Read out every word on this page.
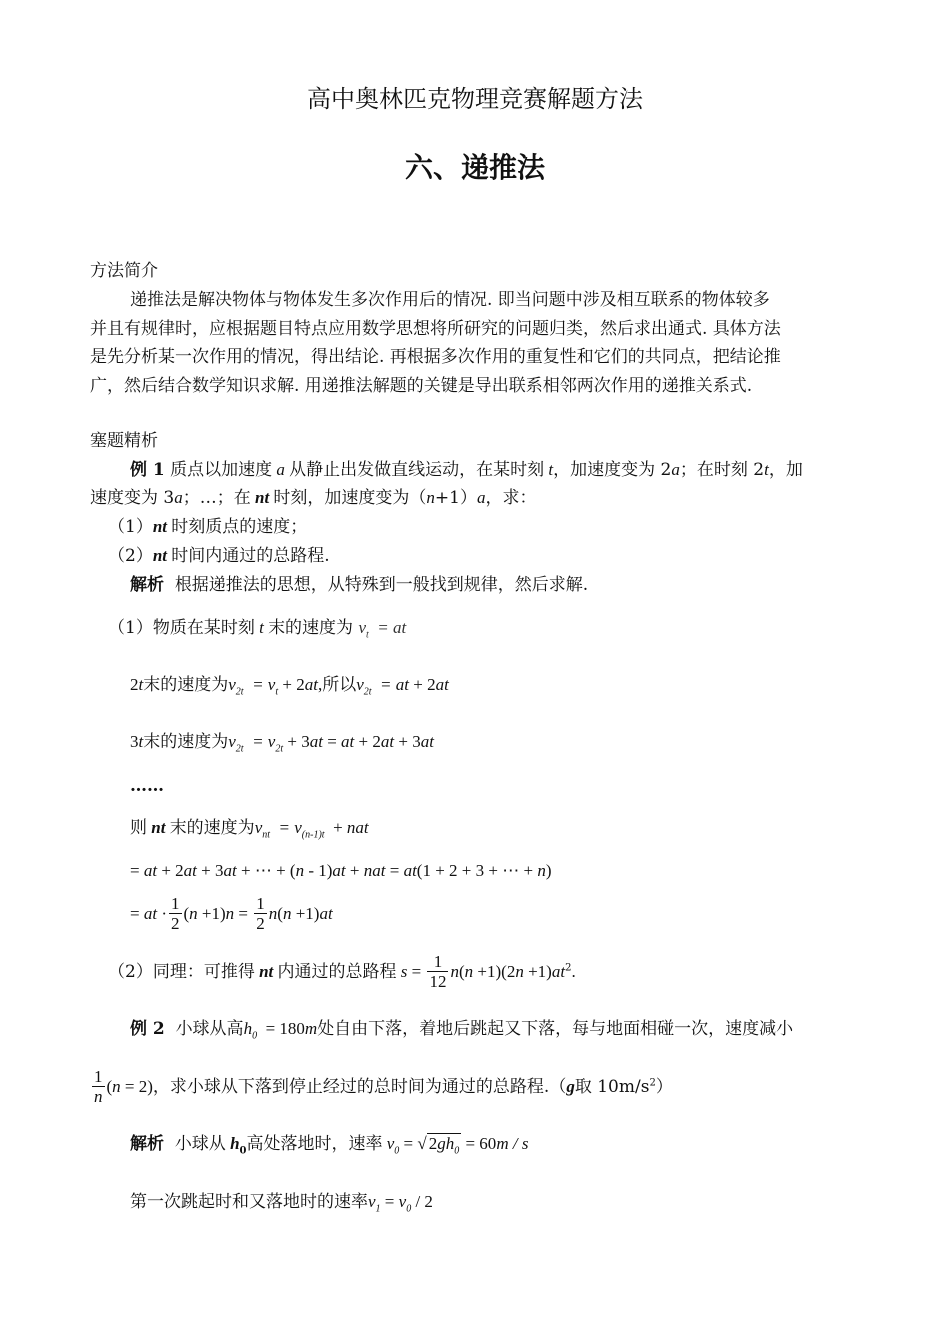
高中奥林匹克物理竞赛解题方法
六、递推法
方法简介
递推法是解决物体与物体发生多次作用后的情况. 即当问题中涉及相互联系的物体较多
并且有规律时，应根据题目特点应用数学思想将所研究的问题归类，然后求出通式. 具体方法
是先分析某一次作用的情况，得出结论. 再根据多次作用的重复性和它们的共同点，把结论推
广，然后结合数学知识求解. 用递推法解题的关键是导出联系相邻两次作用的递推关系式.
塞题精析
例 1 质点以加速度 a 从静止出发做直线运动，在某时刻 t，加速度变为 2a；在时刻 2t，加
速度变为 3a；…；在 nt 时刻，加速度变为（n+1）a，求：
（1）nt 时刻质点的速度；
（2）nt 时间内通过的总路程.
解析 根据递推法的思想，从特殊到一般找到规律，然后求解.
（1）物质在某时刻 t 末的速度为 $v_t$  = at
2t末的速度为$v_{2t} = v_t + 2at$,所以$v_{2t}$  = at + 2at
3t末的速度为$v_{2t} = v_{2t} + 3at$ = at + 2at + 3at
……
则 nt 末的速度为$v_{nt} = v_{(n-1)t}$ + nat
= at + 2at + 3at + ⋯ + (n - 1)at + nat = at(1 + 2 + 3 + ⋯ + n)
= at · $\frac{1}{2} (n +1)n = \frac{1}{2} n(n +1)at$
（2）同理：可推得 nt 内通过的总路程 $s = \frac{1}{12} n(n +1)(2n +1)at^2$.
例 2 小球从高$h_0 = 180m$处自由下落，着地后跳起又下落，每与地面相碰一次，速度减小
$\frac{1}{n} (n = 2)$，求小球从下落到停止经过的总时间为通过的总路程.（g取 $10m/s^2$）
解析 小球从 $h_0$高处落地时，速率 $v_0$ = √ $2gh_0 = 60m / s$
第一次跳起时和又落地时的速率$v_1 = v_0 / 2$
